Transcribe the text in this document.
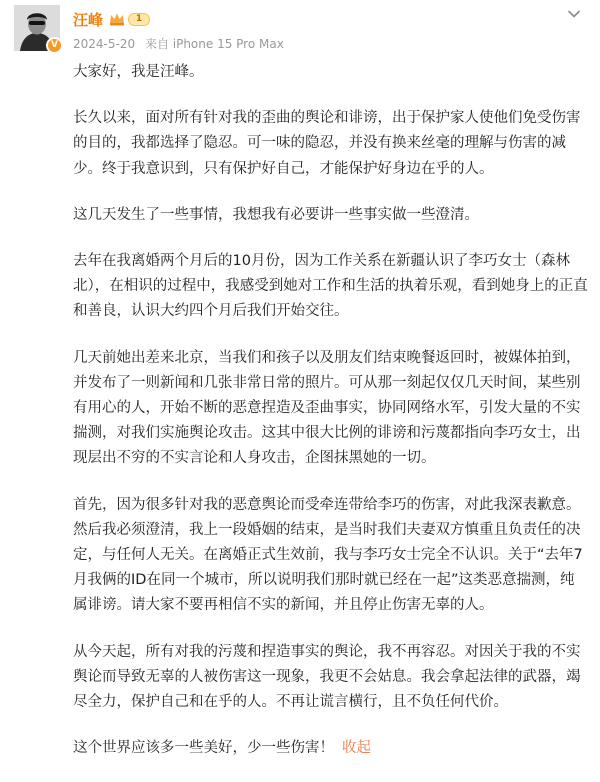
V
汪峰	1
2024-5-20 来自 iPhone 15 Pro Max

大家好，我是汪峰。

长久以来，面对所有针对我的歪曲的舆论和诽谤，出于保护家人使他们免受伤害的目的，我都选择了隐忍。可一味的隐忍，并没有换来丝毫的理解与伤害的减少。终于我意识到，只有保护好自己，才能保护好身边在乎的人。

这几天发生了一些事情，我想我有必要讲一些事实做一些澄清。

去年在我离婚两个月后的10月份，因为工作关系在新疆认识了李巧女士（森林北），在相识的过程中，我感受到她对工作和生活的执着乐观，看到她身上的正直和善良，认识大约四个月后我们开始交往。

几天前她出差来北京，当我们和孩子以及朋友们结束晚餐返回时，被媒体拍到，并发布了一则新闻和几张非常日常的照片。可从那一刻起仅仅几天时间，某些别有用心的人，开始不断的恶意捏造及歪曲事实，协同网络水军，引发大量的不实揣测，对我们实施舆论攻击。这其中很大比例的诽谤和污蔑都指向李巧女士，出现层出不穷的不实言论和人身攻击，企图抹黑她的一切。

首先，因为很多针对我的恶意舆论而受牵连带给李巧的伤害，对此我深表歉意。然后我必须澄清，我上一段婚姻的结束，是当时我们夫妻双方慎重且负责任的决定，与任何人无关。在离婚正式生效前，我与李巧女士完全不认识。关于“去年7月我俩的ID在同一个城市，所以说明我们那时就已经在一起”这类恶意揣测，纯属诽谤。请大家不要再相信不实的新闻，并且停止伤害无辜的人。

从今天起，所有对我的污蔑和捏造事实的舆论，我不再容忍。对因关于我的不实舆论而导致无辜的人被伤害这一现象，我更不会姑息。我会拿起法律的武器，竭尽全力，保护自己和在乎的人。不再让谎言横行，且不负任何代价。

这个世界应该多一些美好，少一些伤害！ 收起
